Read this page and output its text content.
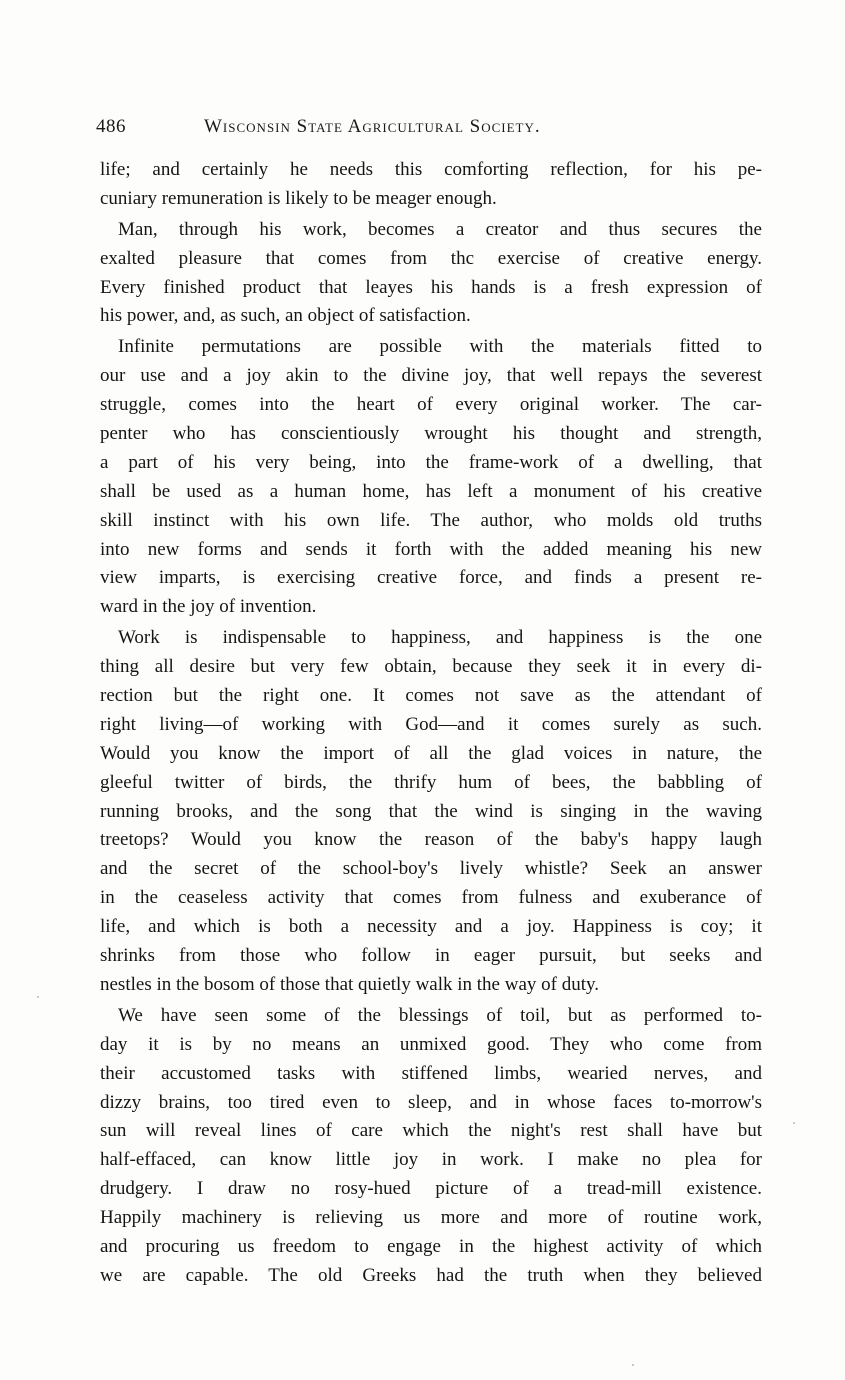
486	Wisconsin State Agricultural Society.
life; and certainly he needs this comforting reflection, for his pe-
cuniary remuneration is likely to be meager enough.
Man, through his work, becomes a creator and thus secures the
exalted pleasure that comes from thc exercise of creative energy.
Every finished product that leayes his hands is a fresh expression of
his power, and, as such, an object of satisfaction.
Infinite permutations are possible with the materials fitted to
our use and a joy akin to the divine joy, that well repays the severest
struggle, comes into the heart of every original worker. The car-
penter who has conscientiously wrought his thought and strength,
a part of his very being, into the frame-work of a dwelling, that
shall be used as a human home, has left a monument of his creative
skill instinct with his own life. The author, who molds old truths
into new forms and sends it forth with the added meaning his new
view imparts, is exercising creative force, and finds a present re-
ward in the joy of invention.
Work is indispensable to happiness, and happiness is the one
thing all desire but very few obtain, because they seek it in every di-
rection but the right one. It comes not save as the attendant of
right living—of working with God—and it comes surely as such.
Would you know the import of all the glad voices in nature, the
gleeful twitter of birds, the thrify hum of bees, the babbling of
running brooks, and the song that the wind is singing in the waving
treetops? Would you know the reason of the baby's happy laugh
and the secret of the school-boy's lively whistle? Seek an answer
in the ceaseless activity that comes from fulness and exuberance of
life, and which is both a necessity and a joy. Happiness is coy; it
shrinks from those who follow in eager pursuit, but seeks and
nestles in the bosom of those that quietly walk in the way of duty.
We have seen some of the blessings of toil, but as performed to-
day it is by no means an unmixed good. They who come from
their accustomed tasks with stiffened limbs, wearied nerves, and
dizzy brains, too tired even to sleep, and in whose faces to-morrow's
sun will reveal lines of care which the night's rest shall have but
half-effaced, can know little joy in work. I make no plea for
drudgery. I draw no rosy-hued picture of a tread-mill existence.
Happily machinery is relieving us more and more of routine work,
and procuring us freedom to engage in the highest activity of which
we are capable. The old Greeks had the truth when they believed
